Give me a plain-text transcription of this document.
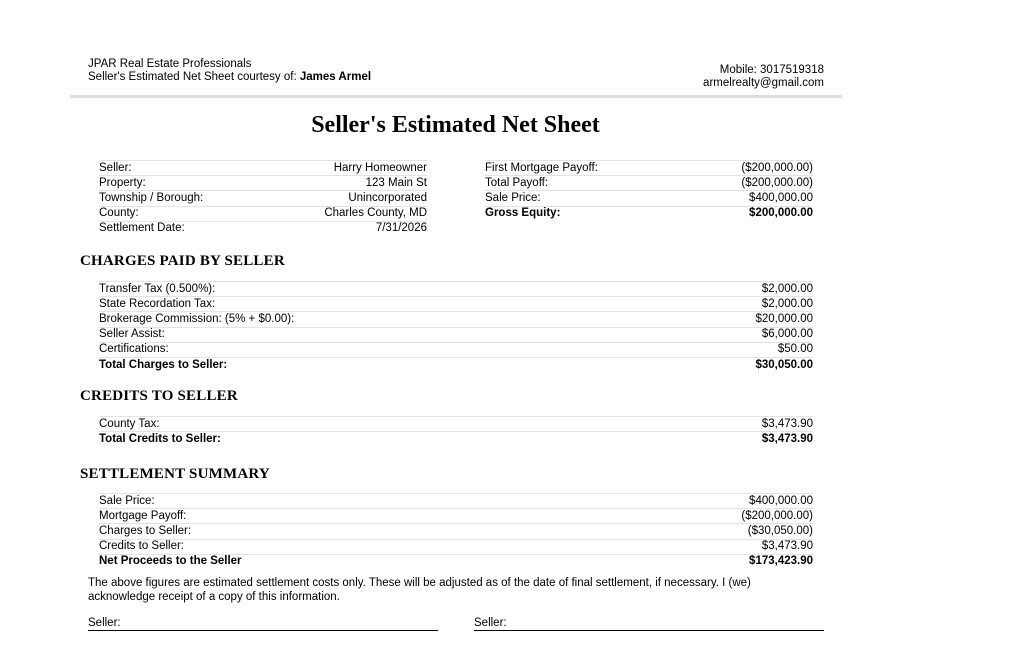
JPAR Real Estate Professionals
Seller's Estimated Net Sheet courtesy of: James Armel
Mobile: 3017519318
armelrealty@gmail.com
Seller's Estimated Net Sheet
Seller:	Harry Homeowner
Property:	123 Main St
Township / Borough:	Unincorporated
County:	Charles County, MD
Settlement Date:	7/31/2026
First Mortgage Payoff:	($200,000.00)
Total Payoff:	($200,000.00)
Sale Price:	$400,000.00
Gross Equity:	$200,000.00
CHARGES PAID BY SELLER
Transfer Tax (0.500%):	$2,000.00
State Recordation Tax:	$2,000.00
Brokerage Commission: (5% + $0.00):	$20,000.00
Seller Assist:	$6,000.00
Certifications:	$50.00
Total Charges to Seller:	$30,050.00
CREDITS TO SELLER
County Tax:	$3,473.90
Total Credits to Seller:	$3,473.90
SETTLEMENT SUMMARY
Sale Price:	$400,000.00
Mortgage Payoff:	($200,000.00)
Charges to Seller:	($30,050.00)
Credits to Seller:	$3,473.90
Net Proceeds to the Seller	$173,423.90
The above figures are estimated settlement costs only. These will be adjusted as of the date of final settlement, if necessary. I (we) acknowledge receipt of a copy of this information.
Seller:	Seller:
